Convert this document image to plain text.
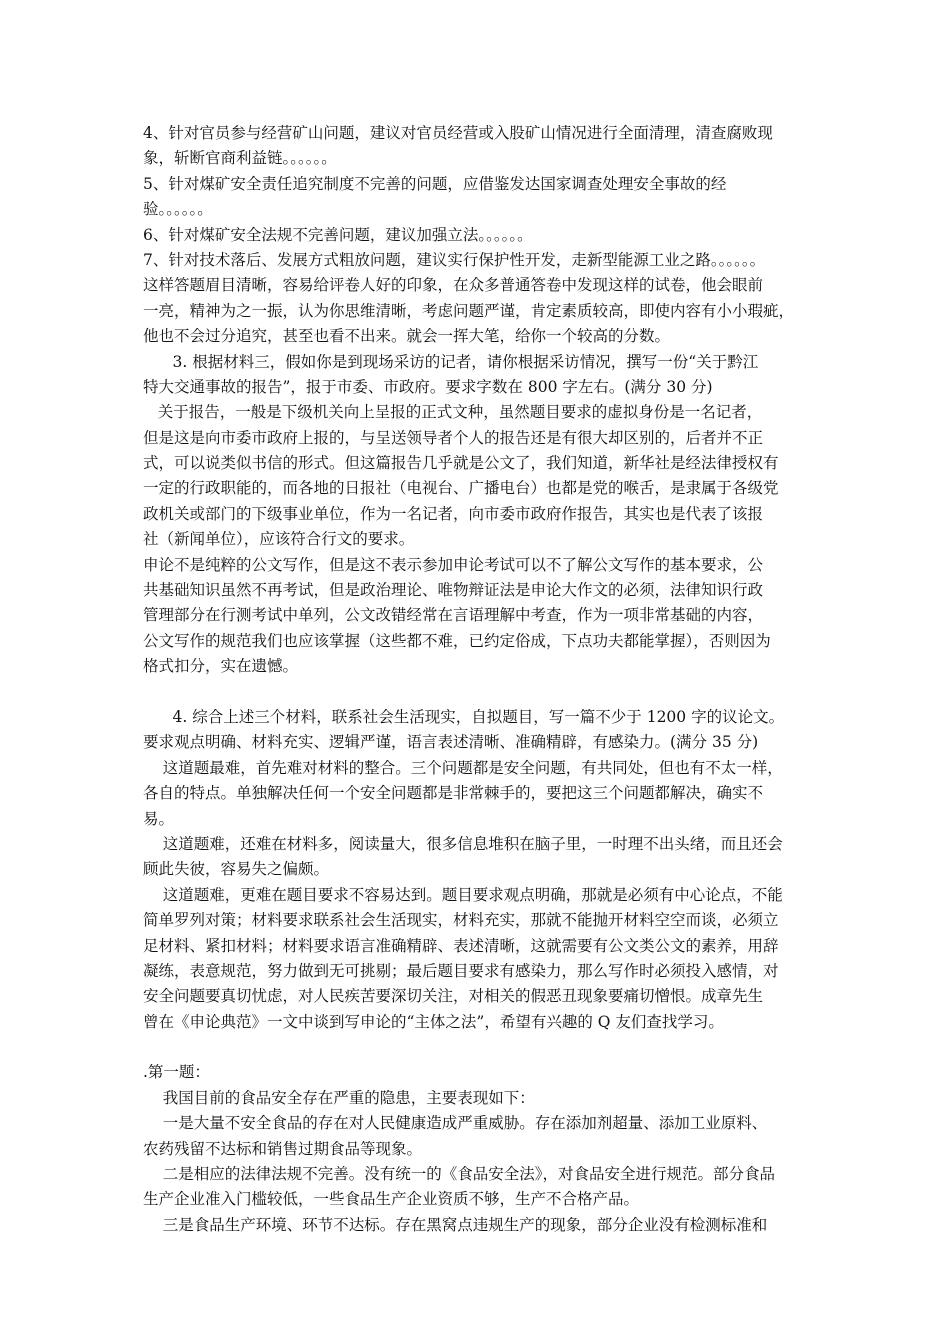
4、针对官员参与经营矿山问题，建议对官员经营或入股矿山情况进行全面清理，清查腐败现
象，斩断官商利益链。。。。。。
5、针对煤矿安全责任追究制度不完善的问题，应借鉴发达国家调查处理安全事故的经
验。。。。。。
6、针对煤矿安全法规不完善问题，建议加强立法。。。。。。
7、针对技术落后、发展方式粗放问题，建议实行保护性开发，走新型能源工业之路。。。。。。
这样答题眉目清晰，容易给评卷人好的印象，在众多普通答卷中发现这样的试卷，他会眼前
一亮，精神为之一振，认为你思维清晰，考虑问题严谨，肯定素质较高，即使内容有小小瑕疵，
他也不会过分追究，甚至也看不出来。就会一挥大笔，给你一个较高的分数。
3. 根据材料三，假如你是到现场采访的记者，请你根据采访情况，撰写一份“关于黔江
特大交通事故的报告”，报于市委、市政府。要求字数在 800 字左右。(满分 30 分)
关于报告，一般是下级机关向上呈报的正式文种，虽然题目要求的虚拟身份是一名记者，
但是这是向市委市政府上报的，与呈送领导者个人的报告还是有很大却区别的，后者并不正
式，可以说类似书信的形式。但这篇报告几乎就是公文了，我们知道，新华社是经法律授权有
一定的行政职能的，而各地的日报社（电视台、广播电台）也都是党的喉舌，是隶属于各级党
政机关或部门的下级事业单位，作为一名记者，向市委市政府作报告，其实也是代表了该报
社（新闻单位），应该符合行文的要求。
申论不是纯粹的公文写作，但是这不表示参加申论考试可以不了解公文写作的基本要求，公
共基础知识虽然不再考试，但是政治理论、唯物辩证法是申论大作文的必须，法律知识行政
管理部分在行测考试中单列，公文改错经常在言语理解中考查，作为一项非常基础的内容，
公文写作的规范我们也应该掌握（这些都不难，已约定俗成，下点功夫都能掌握），否则因为
格式扣分，实在遗憾。
4. 综合上述三个材料，联系社会生活现实，自拟题目，写一篇不少于 1200 字的议论文。
要求观点明确、材料充实、逻辑严谨，语言表述清晰、准确精辟，有感染力。(满分 35 分)
这道题最难，首先难对材料的整合。三个问题都是安全问题，有共同处，但也有不太一样，
各自的特点。单独解决任何一个安全问题都是非常棘手的，要把这三个问题都解决，确实不
易。
这道题难，还难在材料多，阅读量大，很多信息堆积在脑子里，一时理不出头绪，而且还会
顾此失彼，容易失之偏颇。
这道题难，更难在题目要求不容易达到。题目要求观点明确，那就是必须有中心论点，不能
简单罗列对策；材料要求联系社会生活现实，材料充实，那就不能抛开材料空空而谈，必须立
足材料、紧扣材料；材料要求语言准确精辟、表述清晰，这就需要有公文类公文的素养，用辞
凝练，表意规范，努力做到无可挑剔；最后题目要求有感染力，那么写作时必须投入感情，对
安全问题要真切忧虑，对人民疾苦要深切关注，对相关的假恶丑现象要痛切憎恨。成章先生
曾在《申论典范》一文中谈到写申论的“主体之法”，希望有兴趣的 Q 友们查找学习。
.第一题：
我国目前的食品安全存在严重的隐患，主要表现如下：
一是大量不安全食品的存在对人民健康造成严重威胁。存在添加剂超量、添加工业原料、
农药残留不达标和销售过期食品等现象。
二是相应的法律法规不完善。没有统一的《食品安全法》，对食品安全进行规范。部分食品
生产企业准入门槛较低，一些食品生产企业资质不够，生产不合格产品。
三是食品生产环境、环节不达标。存在黑窝点违规生产的现象，部分企业没有检测标准和
